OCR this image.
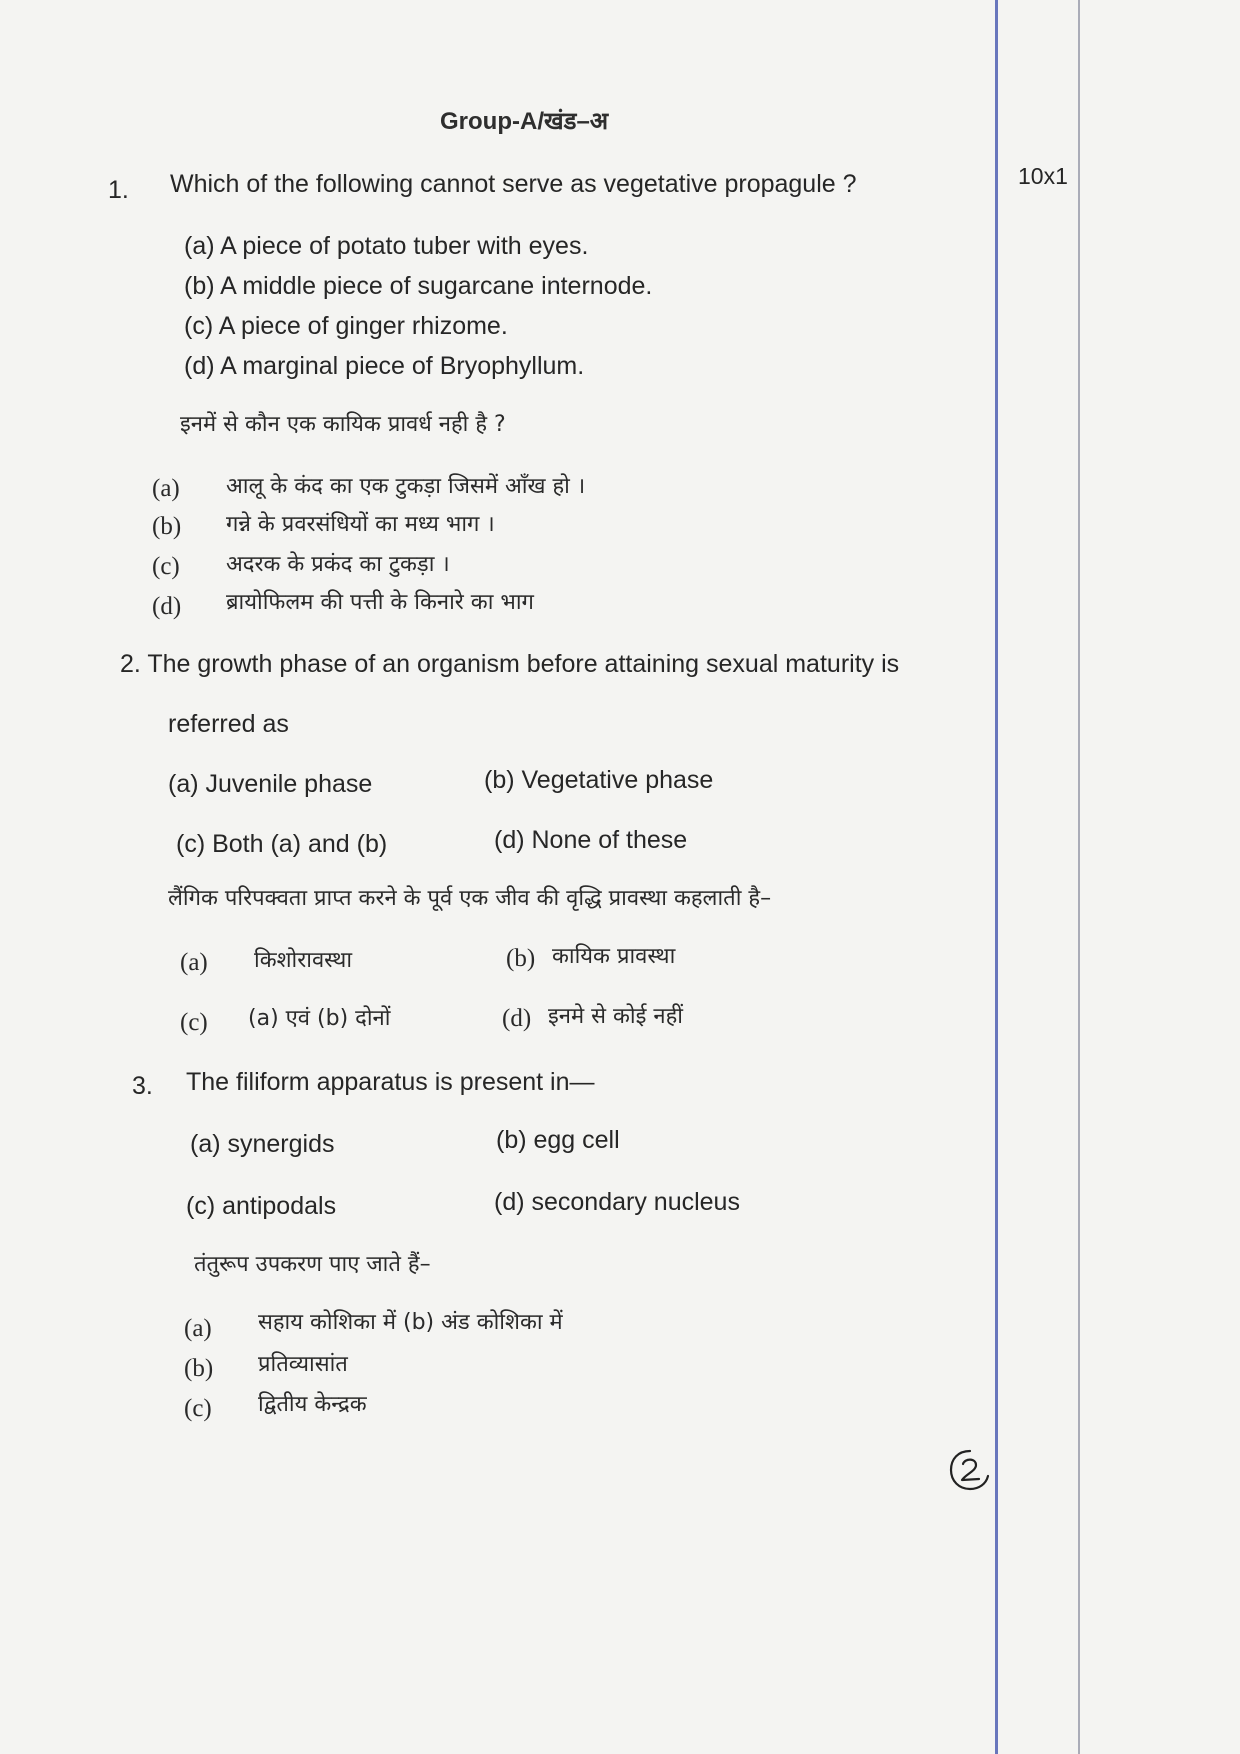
Group-A/खंड–अ
10x1
1. Which of the following cannot serve as vegetative propagule ?
(a) A piece of potato tuber with eyes.
(b) A middle piece of sugarcane internode.
(c) A piece of ginger rhizome.
(d) A marginal piece of Bryophyllum.
इनमें से कौन एक कायिक प्रावर्ध नही है ?
(a) आलू के कंद का एक टुकड़ा जिसमें आँख हो ।
(b) गन्ने के प्रवरसंधियों का मध्य भाग ।
(c) अदरक के प्रकंद का टुकड़ा ।
(d) ब्रायोफिलम की पत्ती के किनारे का भाग
2. The growth phase of an organism before attaining sexual maturity is
referred as
(a) Juvenile phase	(b) Vegetative phase
(c) Both (a) and (b)	(d) None of these
लैंगिक परिपक्वता प्राप्त करने के पूर्व एक जीव की वृद्धि प्रावस्था कहलाती है–
(a) किशोरावस्था	(b) कायिक प्रावस्था
(c) (a) एवं (b) दोनों	(d) इनमे से कोई नहीं
3. The filiform apparatus is present in—
(a) synergids	(b) egg cell
(c) antipodals	(d) secondary nucleus
तंतुरूप उपकरण पाए जाते हैं–
(a) सहाय कोशिका में (b) अंड कोशिका में
(b) प्रतिव्यासांत
(c) द्वितीय केन्द्रक
